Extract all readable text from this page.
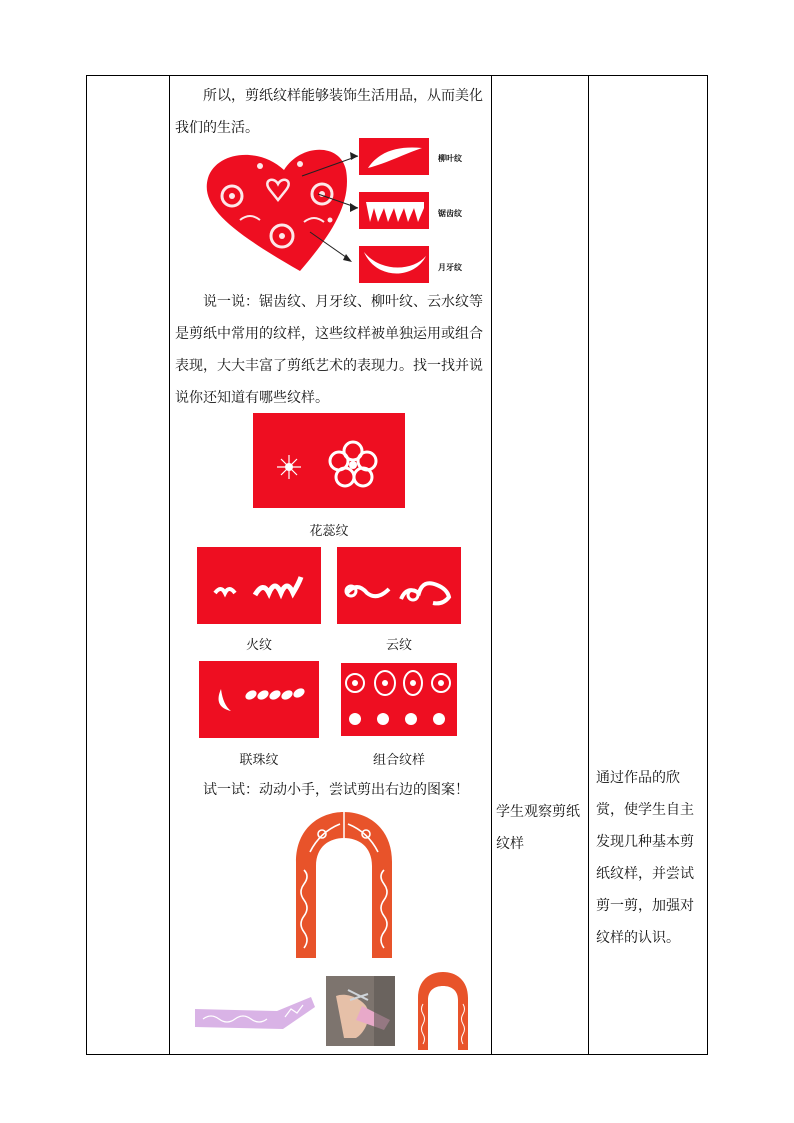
所以，剪纸纹样能够装饰生活用品，从而美化我们的生活。
柳叶纹
锯齿纹
月牙纹
说一说：锯齿纹、月牙纹、柳叶纹、云水纹等是剪纸中常用的纹样，这些纹样被单独运用或组合表现，大大丰富了剪纸艺术的表现力。找一找并说说你还知道有哪些纹样。
花蕊纹
火纹	云纹
联珠纹	组合纹样
试一试：动动小手，尝试剪出右边的图案！
学生观察剪纸纹样
通过作品的欣赏，使学生自主发现几种基本剪纸纹样，并尝试剪一剪，加强对纹样的认识。
